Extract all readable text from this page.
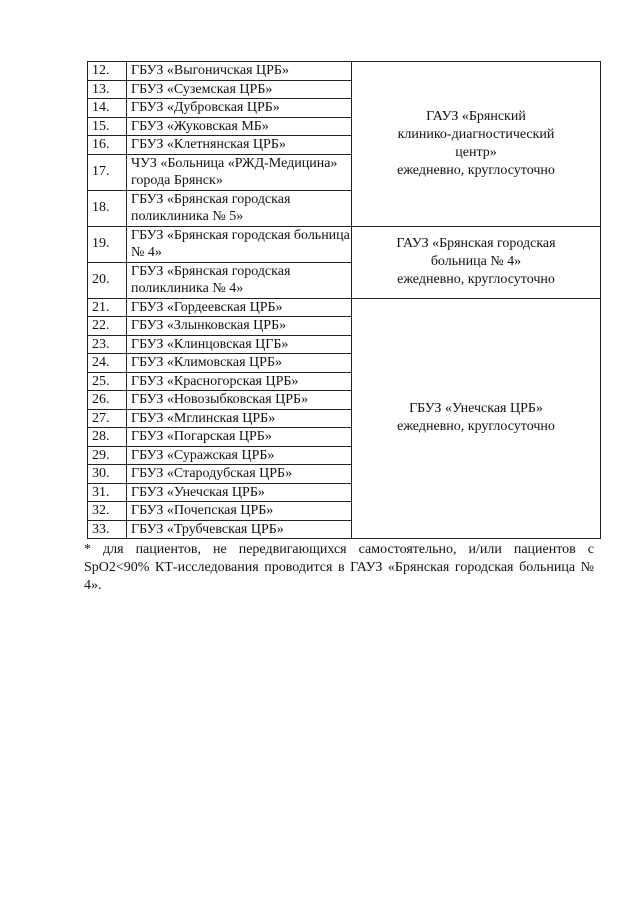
12.	ГБУЗ «Выгоничская ЦРБ»	ГАУЗ «Брянский
клинико-диагностический
центр»
ежедневно, круглосуточно

13.	ГБУЗ «Суземская ЦРБ»	
14.	ГБУЗ «Дубровская ЦРБ»	
15.	ГБУЗ «Жуковская МБ»	
16.	ГБУЗ «Клетнянская ЦРБ»	
17.	ЧУЗ «Больница «РЖД-Медицина» города Брянск»	
18.	ГБУЗ «Брянская городская поликлиника № 5»	
19.	ГБУЗ «Брянская городская больница № 4»	ГАУЗ «Брянская городская
больница № 4»
ежедневно, круглосуточно

20.	ГБУЗ «Брянская городская поликлиника № 4»	
21.	ГБУЗ «Гордеевская ЦРБ»	ГБУЗ «Унечская ЦРБ»
ежедневно, круглосуточно

22.	ГБУЗ «Злынковская ЦРБ»	
23.	ГБУЗ «Клинцовская ЦГБ»	
24.	ГБУЗ «Климовская ЦРБ»	
25.	ГБУЗ «Красногорская ЦРБ»	
26.	ГБУЗ «Новозыбковская ЦРБ»	
27.	ГБУЗ «Мглинская ЦРБ»	
28.	ГБУЗ «Погарская ЦРБ»	
29.	ГБУЗ «Суражская ЦРБ»	
30.	ГБУЗ «Стародубская ЦРБ»	
31.	ГБУЗ «Унечская ЦРБ»	
32.	ГБУЗ «Почепская ЦРБ»	
33.	ГБУЗ «Трубчевская ЦРБ»	

* для пациентов, не передвигающихся самостоятельно, и/или пациентов с SpO2<90% КТ-исследования проводится в ГАУЗ «Брянская городская больница № 4».
